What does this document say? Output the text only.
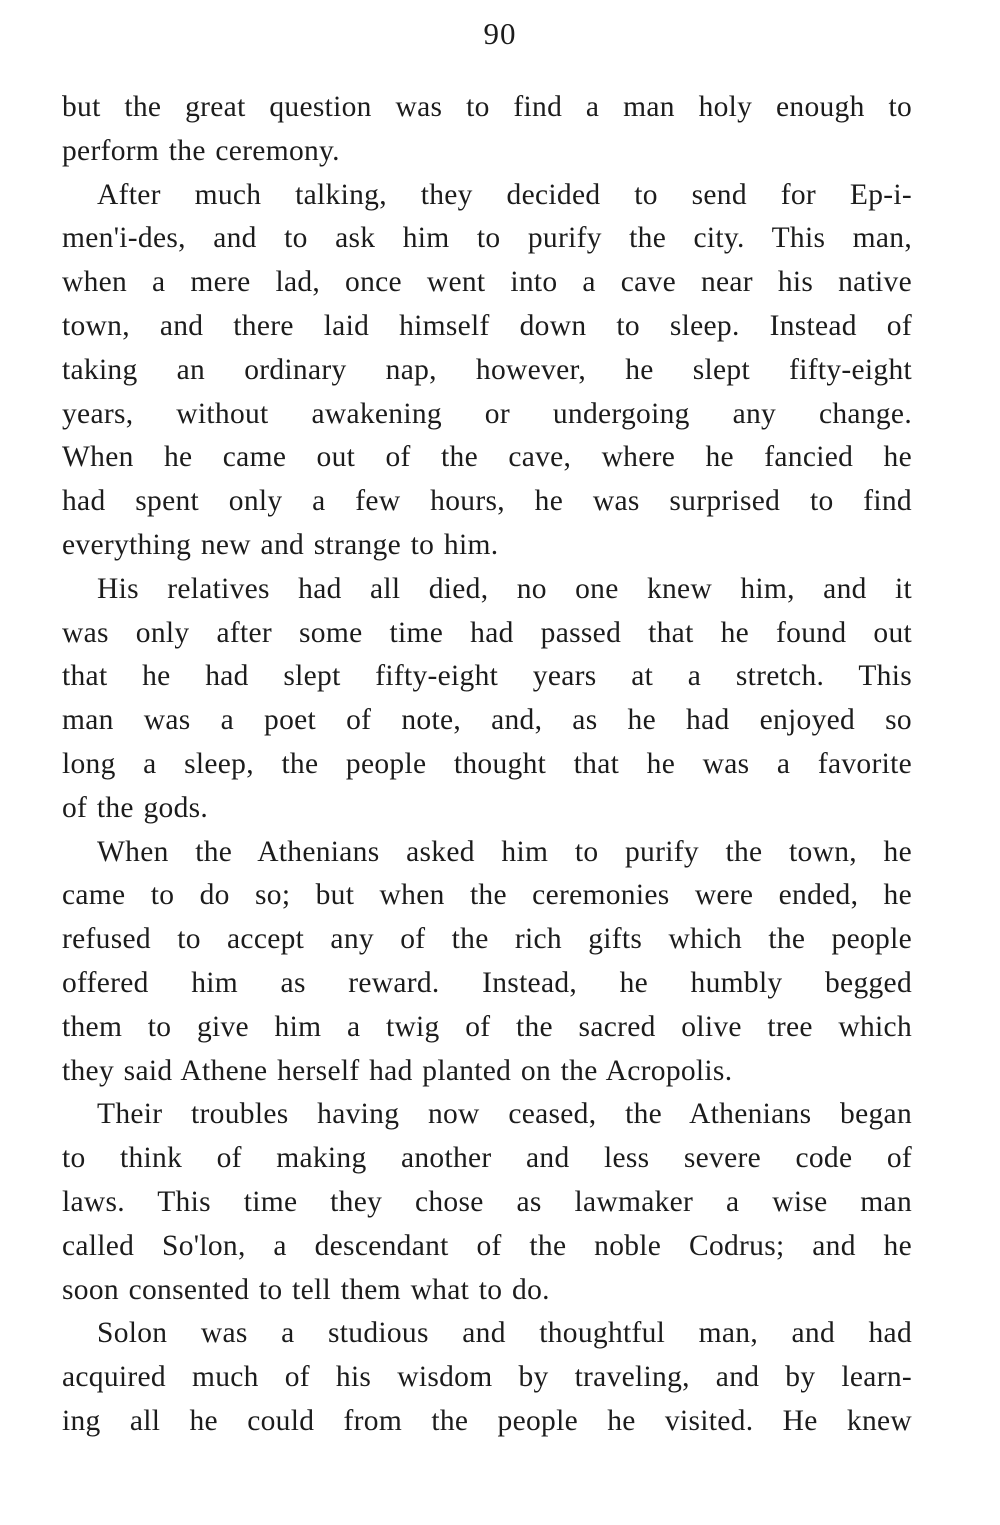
90
but the great question was to find a man holy enough to
perform the ceremony.
After much talking, they decided to send for Ep-i-
men'i-des, and to ask him to purify the city. This man,
when a mere lad, once went into a cave near his native
town, and there laid himself down to sleep. Instead of
taking an ordinary nap, however, he slept fifty-eight
years, without awakening or undergoing any change.
When he came out of the cave, where he fancied he
had spent only a few hours, he was surprised to find
everything new and strange to him.
His relatives had all died, no one knew him, and it
was only after some time had passed that he found out
that he had slept fifty-eight years at a stretch. This
man was a poet of note, and, as he had enjoyed so
long a sleep, the people thought that he was a favorite
of the gods.
When the Athenians asked him to purify the town, he
came to do so; but when the ceremonies were ended, he
refused to accept any of the rich gifts which the people
offered him as reward. Instead, he humbly begged
them to give him a twig of the sacred olive tree which
they said Athene herself had planted on the Acropolis.
Their troubles having now ceased, the Athenians began
to think of making another and less severe code of
laws. This time they chose as lawmaker a wise man
called So'lon, a descendant of the noble Codrus; and he
soon consented to tell them what to do.
Solon was a studious and thoughtful man, and had
acquired much of his wisdom by traveling, and by learn-
ing all he could from the people he visited. He knew
